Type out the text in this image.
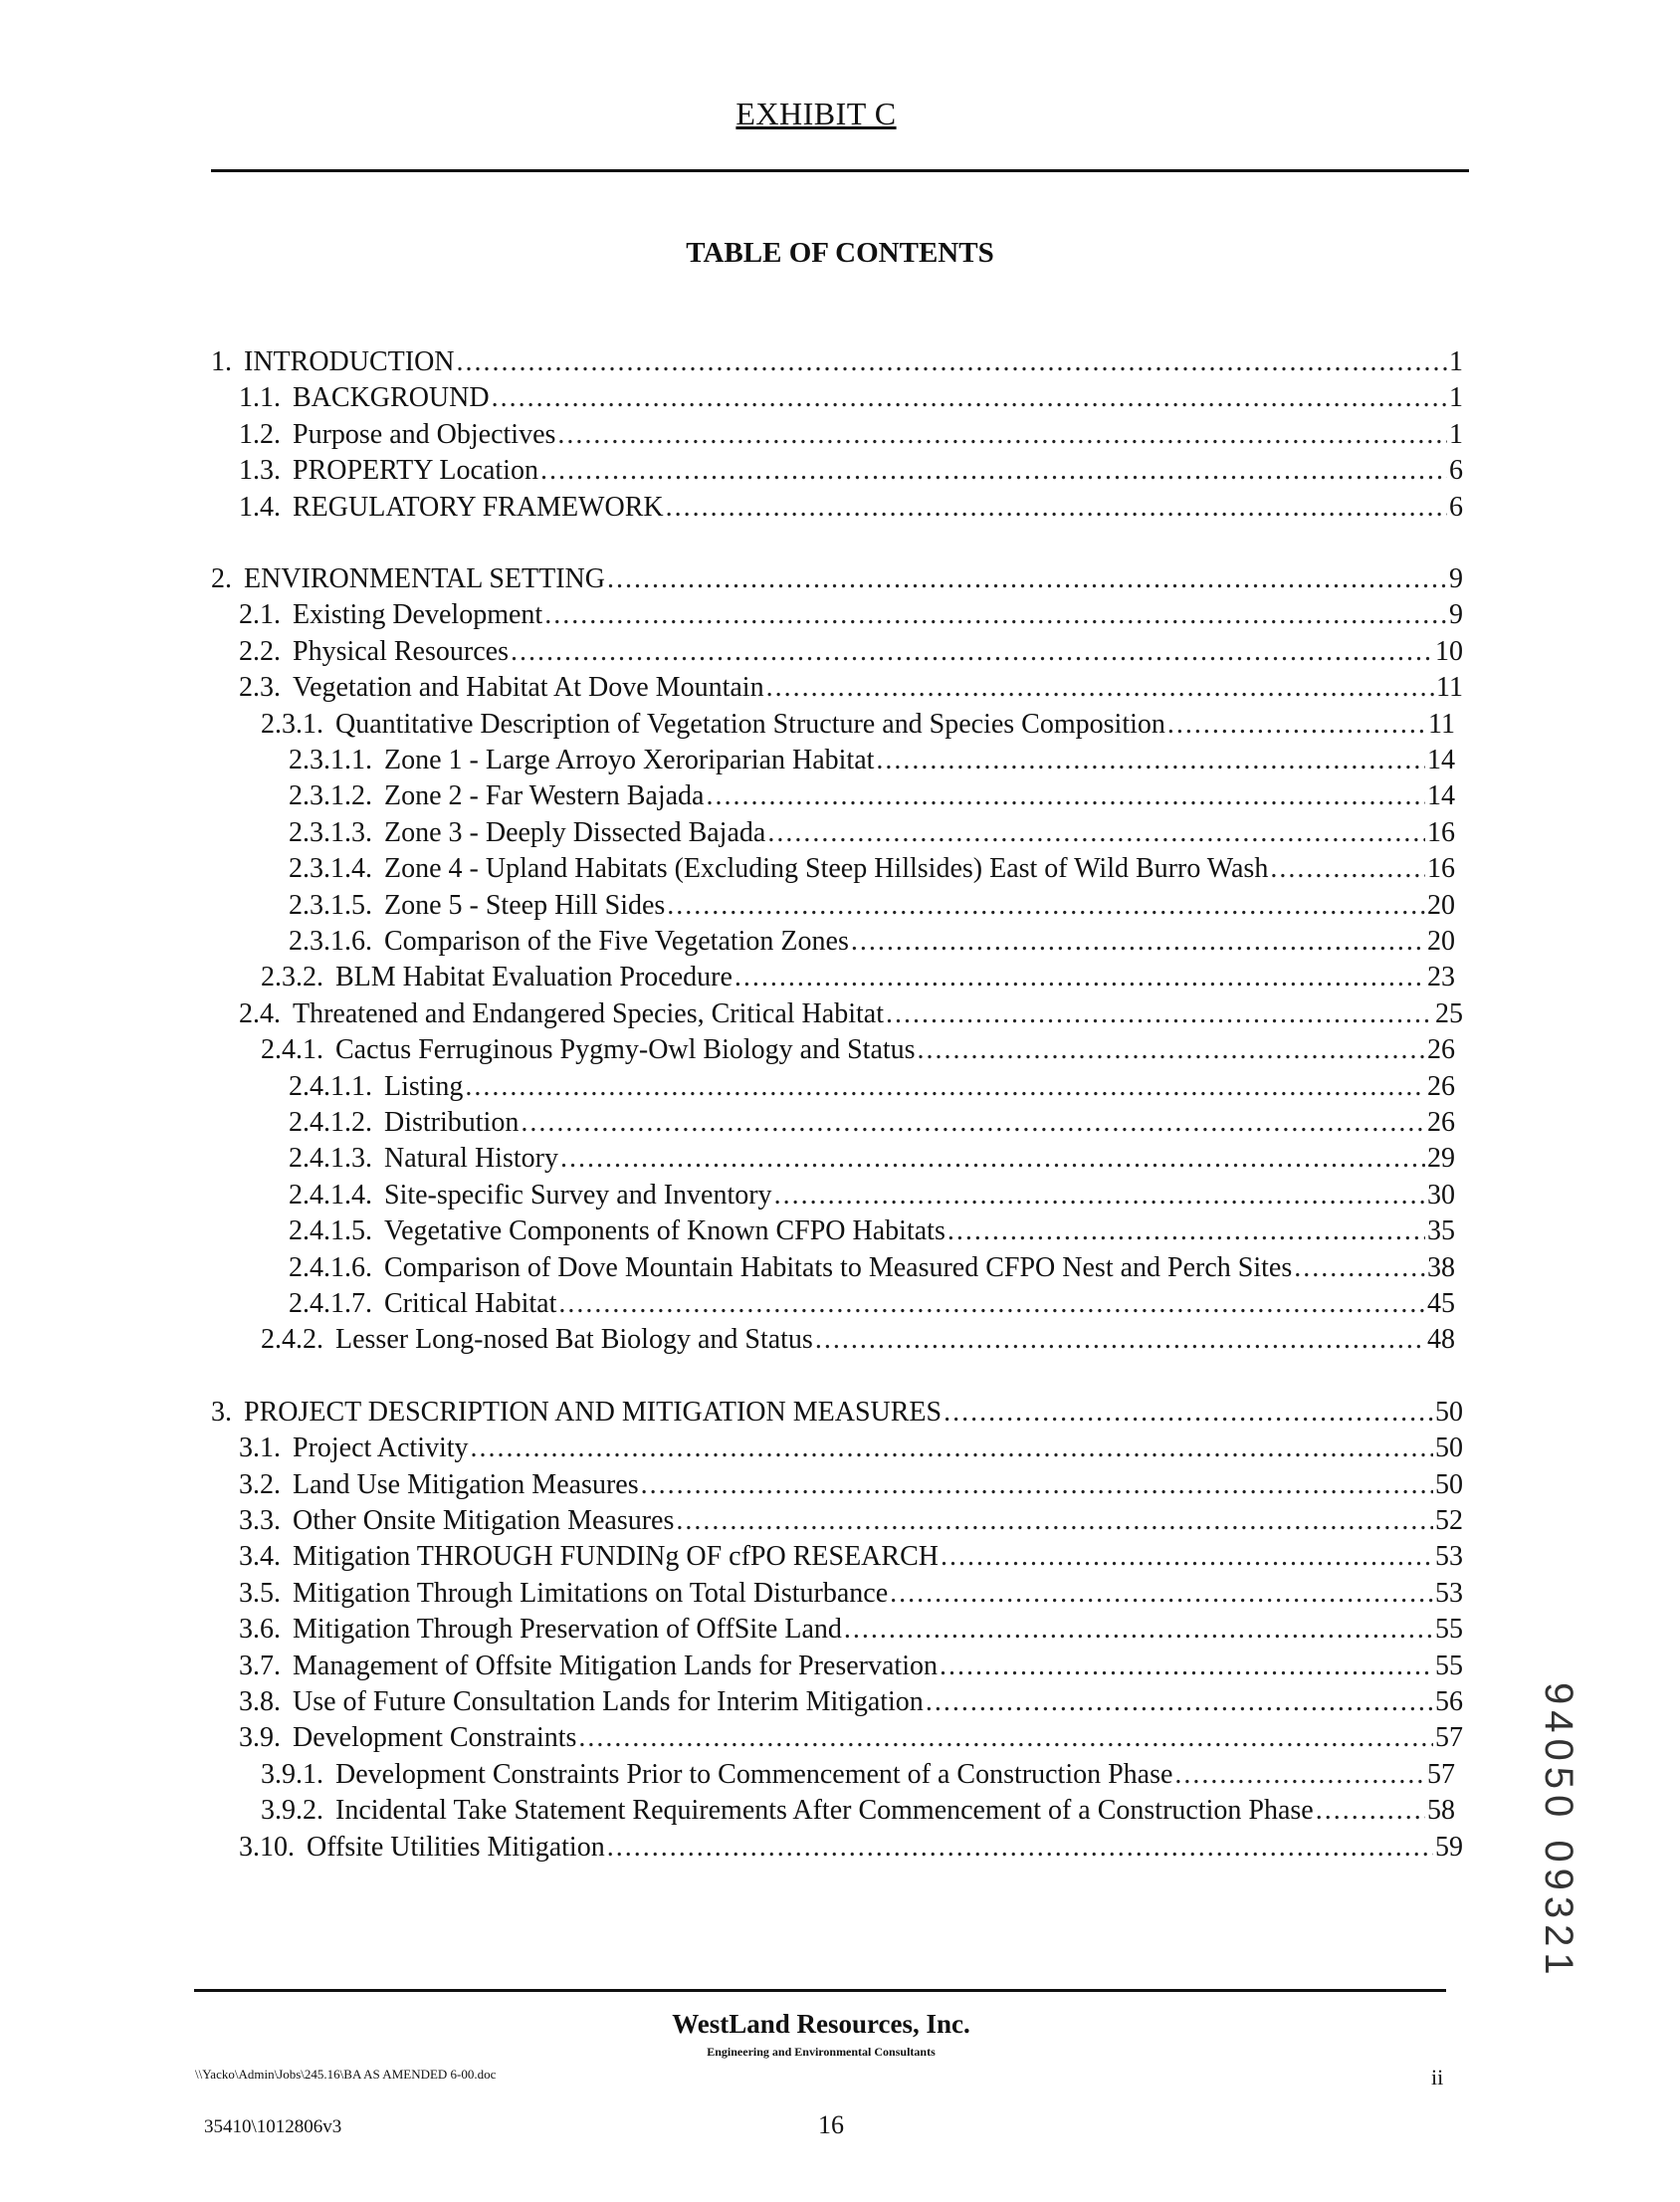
EXHIBIT C
TABLE OF CONTENTS
1. INTRODUCTION .....	1
1.1. BACKGROUND .....	1
1.2. Purpose and Objectives .....	1
1.3. PROPERTY Location .....	6
1.4. REGULATORY FRAMEWORK .....	6
2. ENVIRONMENTAL SETTING .....	9
2.1. Existing Development .....	9
2.2. Physical Resources .....	10
2.3. Vegetation and Habitat At Dove Mountain .....	11
2.3.1. Quantitative Description of Vegetation Structure and Species Composition .....	11
2.3.1.1. Zone 1 - Large Arroyo Xeroriparian Habitat .....	14
2.3.1.2. Zone 2 - Far Western Bajada .....	14
2.3.1.3. Zone 3 - Deeply Dissected Bajada .....	16
2.3.1.4. Zone 4 - Upland Habitats (Excluding Steep Hillsides) East of Wild Burro Wash .....	16
2.3.1.5. Zone 5 - Steep Hill Sides .....	20
2.3.1.6. Comparison of the Five Vegetation Zones .....	20
2.3.2. BLM Habitat Evaluation Procedure .....	23
2.4. Threatened and Endangered Species, Critical Habitat .....	25
2.4.1. Cactus Ferruginous Pygmy-Owl Biology and Status .....	26
2.4.1.1. Listing .....	26
2.4.1.2. Distribution .....	26
2.4.1.3. Natural History .....	29
2.4.1.4. Site-specific Survey and Inventory .....	30
2.4.1.5. Vegetative Components of Known CFPO Habitats .....	35
2.4.1.6. Comparison of Dove Mountain Habitats to Measured CFPO Nest and Perch Sites .....	38
2.4.1.7. Critical Habitat .....	45
2.4.2. Lesser Long-nosed Bat Biology and Status .....	48
3. PROJECT DESCRIPTION AND MITIGATION MEASURES .....	50
3.1. Project Activity .....	50
3.2. Land Use Mitigation Measures .....	50
3.3. Other Onsite Mitigation Measures .....	52
3.4. Mitigation THROUGH FUNDINg OF cfPO RESEARCH .....	53
3.5. Mitigation Through Limitations on Total Disturbance .....	53
3.6. Mitigation Through Preservation of OffSite Land .....	55
3.7. Management of Offsite Mitigation Lands for Preservation .....	55
3.8. Use of Future Consultation Lands for Interim Mitigation .....	56
3.9. Development Constraints .....	57
3.9.1. Development Constraints Prior to Commencement of a Construction Phase .....	57
3.9.2. Incidental Take Statement Requirements After Commencement of a Construction Phase .....	58
3.10. Offsite Utilities Mitigation .....	59
WestLand Resources, Inc.
Engineering and Environmental Consultants
\\Yacko\Admin\Jobs\245.16\BA AS AMENDED 6-00.doc	ii
35410\1012806v3	16
94050 09321
